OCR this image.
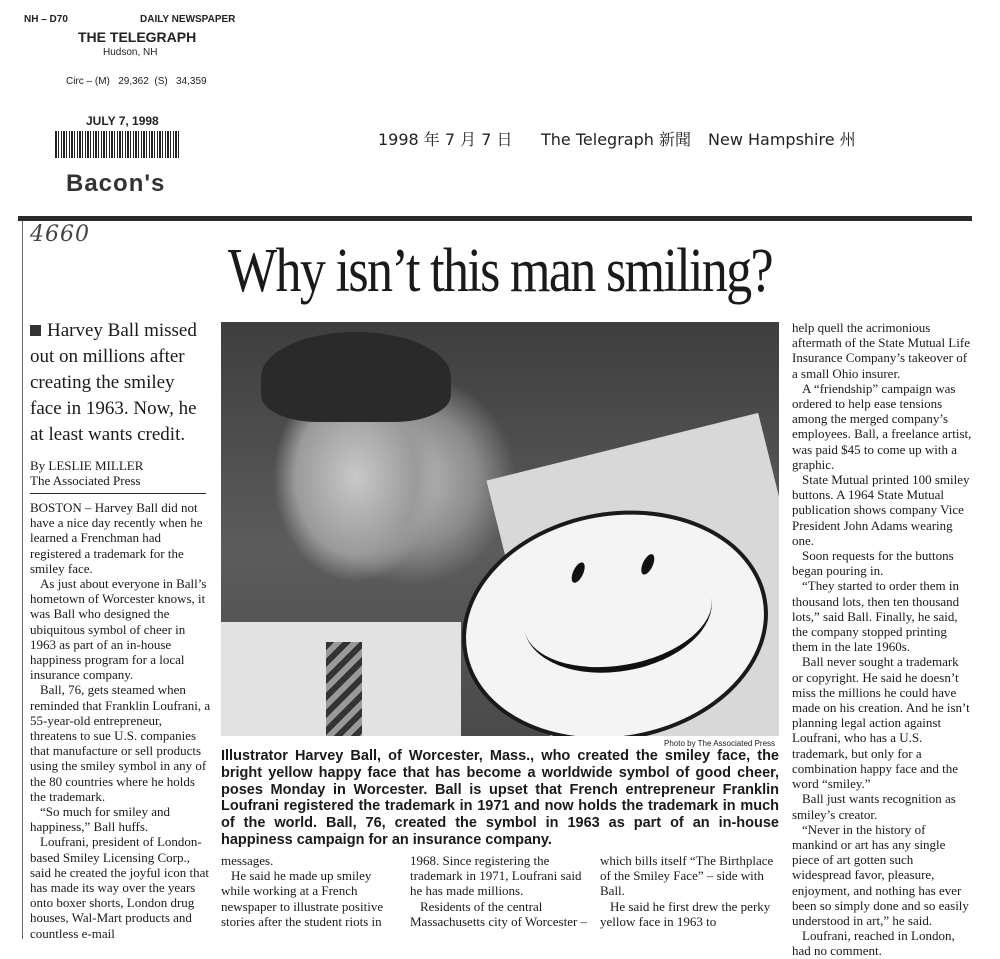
NH – D70	DAILY NEWSPAPER
THE TELEGRAPH
Hudson, NH
Circ – (M)   29,362  (S)   34,359
JULY 7, 1998
Bacon's
1998 年 7 月 7 日 The Telegraph 新聞 New Hampshire 州
4660
Why isn’t this man smiling?
Harvey Ball missed out on millions after creating the smiley face in 1963. Now, he at least wants credit.
By LESLIE MILLER
The Associated Press

BOSTON – Harvey Ball did not have a nice day recently when he learned a Frenchman had registered a trademark for the smiley face.

As just about everyone in Ball’s hometown of Worcester knows, it was Ball who designed the ubiquitous symbol of cheer in 1963 as part of an in-house happiness program for a local insurance company.

Ball, 76, gets steamed when reminded that Franklin Loufrani, a 55-year-old entrepreneur, threatens to sue U.S. companies that manufacture or sell products using the smiley symbol in any of the 80 countries where he holds the trademark.

“So much for smiley and happiness,” Ball huffs.

Loufrani, president of London-based Smiley Licensing Corp., said he created the joyful icon that has made its way over the years onto boxer shorts, London drug houses, Wal-Mart products and countless e-mail

Photo by The Associated Press
Illustrator Harvey Ball, of Worcester, Mass., who created the smiley face, the bright yellow happy face that has become a worldwide symbol of good cheer, poses Monday in Worcester. Ball is upset that French entrepreneur Franklin Loufrani registered the trademark in 1971 and now holds the trademark in much of the world. Ball, 76, created the symbol in 1963 as part of an in-house happiness campaign for an insurance company.

messages.

He said he made up smiley while working at a French newspaper to illustrate positive stories after the student riots in

1968. Since registering the trademark in 1971, Loufrani said he has made millions.

Residents of the central Massachusetts city of Worcester –

which bills itself “The Birthplace of the Smiley Face” – side with Ball.

He said he first drew the perky yellow face in 1963 to

help quell the acrimonious aftermath of the State Mutual Life Insurance Company’s takeover of a small Ohio insurer.

A “friendship” campaign was ordered to help ease tensions among the merged company’s employees. Ball, a freelance artist, was paid $45 to come up with a graphic.

State Mutual printed 100 smiley buttons. A 1964 State Mutual publication shows company Vice President John Adams wearing one.

Soon requests for the buttons began pouring in.

“They started to order them in thousand lots, then ten thousand lots,” said Ball. Finally, he said, the company stopped printing them in the late 1960s.

Ball never sought a trademark or copyright. He said he doesn’t miss the millions he could have made on his creation. And he isn’t planning legal action against Loufrani, who has a U.S. trademark, but only for a combination happy face and the word “smiley.”

Ball just wants recognition as smiley’s creator.

“Never in the history of mankind or art has any single piece of art gotten such widespread favor, pleasure, enjoyment, and nothing has ever been so simply done and so easily understood in art,” he said.

Loufrani, reached in London, had no comment.
